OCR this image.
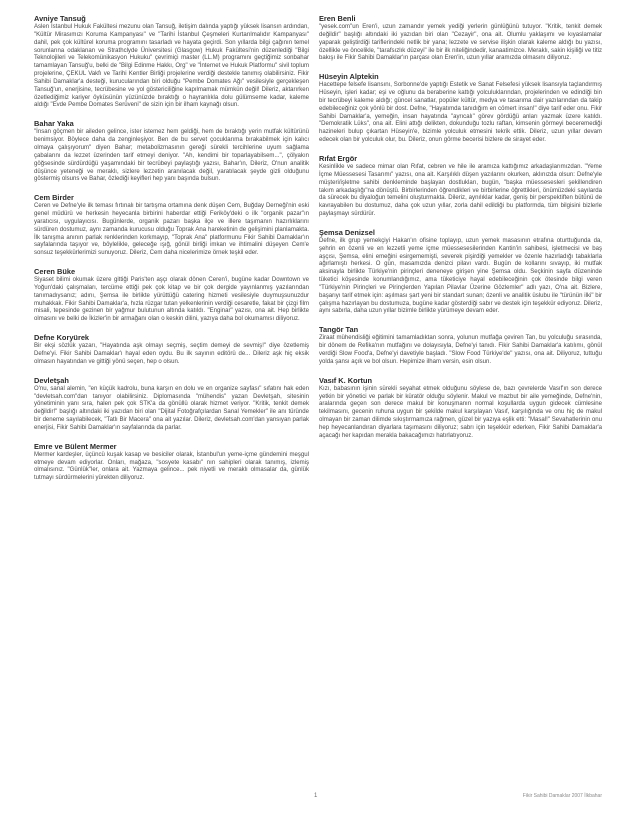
Avniye Tansuğ

Aslen İstanbul Hukuk Fakültesi mezunu olan Tansuğ, iletişim dalında yaptığı yüksek lisansın ardından, "Kültür Mirasımızı Koruma Kampanyası" ve "Tarihi İstanbul Çeşmeleri Kurtarılmalıdır Kampanyası" dahil, pek çok kültürel koruma programını tasarladı ve hayata geçirdi. Son yıllarda bilgi çağının temel sorunlarına odaklanan ve Strathclyde Üniversitesi (Glasgow) Hukuk Fakültesi'nin düzenlediği "Bilgi Teknolojileri ve Telekomünikasyon Hukuku" çevrimiçi master (LL.M) programını geçtiğimiz sonbahar tamamlayan Tansuğ'u, belki de "Bilgi Edinme Hakkı, Org" ve "İnternet ve Hukuk Platformu" sivil toplum projelerine, ÇEKUL Vakfı ve Tarihi Kentler Birliği projelerine verdiği destekle tanımış olabilirsiniz. Fikir Sahibi Damaklar'a desteği, kurucularından biri olduğu "Pembe Domates Ağı" vesilesiyle gerçekleşen Tansuğ'un, enerjisine, tecrübesine ve yol göstericiliğine kapılmamak mümkün değil! Dileriz, aktarırken özetlediğimiz kariyer öyküsünün yüzünüzde bıraktığı o hayranlıkla dolu gülümseme kadar, kaleme aldığı "Evde Pembe Domates Serüveni" de sizin için bir ilham kaynağı olsun.

Bahar Yaka

"İnsan göçmen bir aileden gelince, ister istemez hem geldiği, hem de bıraktığı yerin mutfak kültürünü benimsiyor. Böylece daha da zenginleşiyor. Ben de bu servet çocuklarıma bırakabilmek için kalıcı olmaya çalışıyorum" diyen Bahar; metabolizmasının gereği sürekli tercihlerine uyum sağlama çabalarını da lezzet üzerinden tarif etmeyi deniyor. "Ah, kendimi bir toparlayabilsem...", çölyakın göğsesinde sürdürdüğü yaşamındaki bir tecrübeyi paylaştığı yazısı, Bahar'ın, Dileriz, O'nun analitik düşünce yeteneği ve meraklı, sizlere lezzetin aranılacak değil, yaratılacak şeyde gizli olduğunu göstermiş olsuns ve Bahar, özlediği keyifleri hep yanı başında bulsun.

Cem Birder

Ceren ve Defne'yle ilk teması fırtınalı bir tartışma ortamına denk düşen Cem, Buğday Derneği'nin eski genel müdürü ve herkesin heyecanla birbirini haberdar ettiği Feriköy'deki o ilk "organik pazar"ın yaratıcısı, uygulayıcısı. Bugünlerde, organik pazarı başka ilçe ve illere taşımanın hazırlıklarını sürdüren dostumuz, aynı zamanda kurucusu olduğu Toprak Ana hareketinin de gelişimini planlamakta. İlk tanışma anının parlak renklerinden korkmayıp, "Toprak Ana" platformunu Fikir Sahibi Damaklar'ın sayfalarında taşıyor ve, böylelikle, geleceğe ışığ, gönül birliği imkan ve ihtimalini düşeyen Cem'e sonsuz teşekkürlerimizi sunuyoruz. Dileriz, Cem daha nicelerimize örnek teşkil eder.

Ceren Büke

Siyaset bilimi okumak üzere gittiği Paris'ten aşçı olarak dönen Ceren'i, bugüne kadar Downtown ve Yoğun'daki çalışmaları, tercüme ettiği pek çok kitap ve bir çok dergide yayınlanmış yazılarından tanımadıysanız; adını, Şemsa ile birlikte yürüttüğü catering hizmeti vesilesiyle duymuşsunuzdur muhakkak. Fikir Sahibi Damaklar'a, hızla rüzgar tutan yelkenlerinin verdiği cesaretle, fakat bir çizgi film misali, tepesinde gezinen bir yağmur bulutunun altında katıldı. "Enginar" yazısı, ona ait. Hep birlikte olmasını ve belki de İkizler'in bir armağanı olan o keskin dilini, yazıya daha bol okumamısı diliyoruz.

Defne Koryürek

Bir ekşi sözlük yazarı, "Hayatında aşk olmayı seçmiş, seçtim demeyi de sevmiş!" diye özetlemiş Defne'yi. Fikir Sahibi Damaklar'ı hayal eden oydu. Bu ilk sayının editörü de... Dileriz aşk hiç eksik olmasın hayatından ve gittiği yönü seçen, hep o olsun.

Devletşah

O'nu, sanal alemin, "en küçük kadrolu, buna karşın en dolu ve en organize sayfası" sıfatını hak eden "devletsah.com"dan tanıyor olabilirsiniz. Diplomasında "mühendis" yazan Devletşah, sitesinin yönetiminin yanı sıra, halen pek çok STK'a da gönüllü olarak hizmet veriyor. "Kritik, tenkit demek değildir!" başlığı altındaki iki yazıdan biri olan "Dijital Fotoğrafçılardan Sanal Yemekler" ile anı türünde bir deneme sayılabilecek, "Tatlı Bir Macera" ona ait yazılar. Dileriz, devletsah.com'dan yansıyan parlak enerjisi, Fikir Sahibi Damaklar'ın sayfalarında da parlar.

Emre ve Bülent Mermer

Mermer kardeşler, üçüncü kuşak kasap ve besiciler olarak, İstanbul'un yeme-içme gündemini meşgul etmeye devam ediyorlar. Onları, mağaza, "sosyete kasabı" nın sahipleri olarak tanımış, izlemiş olmalısınız. "Günlük"ler, onlara ait. Yazmaya gelince... pek niyetli ve meraklı olmasalar da, günlük tutmayı sürdürmelerini yürekten diliyoruz.

Eren Benli

"yesek.com"un Eren'i, uzun zamandır yemek yediği yerlerin günlüğünü tutuyor. "Kritik, tenkit demek değildir" başlığı altındaki iki yazıdan biri olan "Cezayir", ona ait. Olumlu yaklaşımı ve kıyaslamalar yaparak geliştirdiği tariflerindeki netlik bir yana; lezzete ve servise ilişkin olarak kaleme aldığı bu yazısı, özellikle ve öncelikle, "tarafsızlık düzeyi" ile bir ilk niteliğindedir, kanaatimizce. Meraklı, sakin kişiliği ve titiz bakışı ile Fikir Sahibi Damaklar'ın parçası olan Eren'in, uzun yıllar aramızda olmasını diliyoruz.

Hüseyin Alptekin

Hacettepe felsefe lisansını, Sorbonne'de yaptığı Estetik ve Sanat Felsefesi yüksek lisansıyla taçlandırmış Hüseyin, işleri kadar; eşi ve oğlunu da beraberine kattığı yolculuklarından, projelerinden ve edindiği bin bir tecrübeyi kaleme aldığı; güncel sanatlar, popüler kültür, medya ve tasarıma dair yazılarından da takip edebileceğiniz çok yönlü bir dost. Defne, "Hayatımda tanıdığım en cömert insan!" diye tarif eder onu. Fikir Sahibi Damaklar'a, yemeğin, insan hayatında "ayrıcalı" görev gördüğü anları yazmak üzere katıldı. "Demokratik Lüks", ona ait. Elini attığı delikten, dokunduğu tozlu raftan, kimsenin görmeyi beceremediği hazineleri bulup çıkartan Hüseyin'e, bizimle yolculuk etmesini tekrik ettik. Dileriz, uzun yıllar devam edecek olan bir yolculuk olur, bu. Dileriz, onun görme becerisi bizlere de sirayet eder.

Rıfat Ergör

Kesinlikle ve sadece mimar olan Rıfat, cebren ve hile ile aramıza kattığımız arkadaşlarımızdan. "Yeme İçme Müessesesi Tasarımı" yazısı, ona ait. Karşılıklı düşen yazılarını okurken, aklınızda olsun: Defne'yle müşteri/işletme sahibi denkleminde başlayan dostlukları, bugün, "başka müessesesleri şekillendiren takım arkadaşlığı"na dönüştü. Birbirlerinden öğrendikleri ve birbirlerine öğrettikleri, önümüzdeki sayılarda da sürecek bu diyaloğun temelini oluşturmakta. Dileriz, aynılıklar kadar, geniş bir perspektiften bütünü de kavrayabilen bu dostumuz, daha çok uzun yıllar, zorla dahil edildiği bu platformda, tüm bilgisini bizlerle paylaşmayı sürdürür.

Şemsa Denizsel

Defne, ilk grup yemekçiyi Hakan'ın ofisine toplayıp, uzun yemek masasının etrafına oturttuğunda da, şehrin en özenli ve en lezzetli yeme içme müessesesilerinden Kantin'in sahibesi, işletmecisi ve baş aşçısı, Şemsa, elini emeğini esirgememişti, severek pişirdiği yemekler ve özenle hazırladığı tabaklarla ağırlamıştı herkesi. O gün, masamızda denizci pilavı vardı. Bugün de kollarını sıvayıp, iki mutfak aksinayla birlikte Türkiye'nin pirinçleri deneneye girişen yine Şemsa oldu. Seçkinin sayfa düzeninde tüketici köşesinde konumlandığımız, ama tüketiciye hayal edebileceğinin çok ötesinde bilgi veren "Türkiye'nin Pirinçleri ve Pirinçlerden Yapılan Pilavlar Üzerine Gözlemler" adlı yazı, O'na ait. Bizlere, başarıyı tarif etmek için: aşılması şart yeni bir standart sunan; özenli ve analitik üslubu ile "türünün ilki" bir çalışma hazırlayan bu dostumuza, bugüne kadar gösterdiği sabır ve destek için teşekkür ediyoruz. Dileriz, aynı sabırla, daha uzun yıllar bizimle birlikte yürümeye devam eder.

Tangör Tan

Ziraat mühendisliği eğitimini tamamladıktan sonra, yolunun mutfağa çeviren Tan, bu yolculuğu sırasında, bir dönem de Refika'nın mutfağını ve dolayısıyla, Defne'yi tanıdı. Fikir Sahibi Damaklar'a katılımı, gönül verdiği Slow Food'a, Defne'yi davetiyle başladı. "Slow Food Türkiye'de" yazısı, ona ait. Diliyoruz, tuttuğu yolda şansı açık ve bol olsun. Hepimize ilham versin, esin olsun.

Vasıf K. Kortun

Kızı, babasının işinin sürekli seyahat etmek olduğunu söylese de, bazı çevrelerde Vasıf'ın son derece yetkin bir yönetici ve parlak bir küratör olduğu söylenir. Makul ve mazbut bir aile yemeğinde, Defne'nin, aralarında geçen son derece makul bir konuşmanın normal koşullarda uygun gidecek cümlesine tekilmasını, gecenin ruhuna uygun bir şekilde makul karşılayan Vasıf, karşılığında ve onu hiç de makul olmayan bir zaman dilimde sıkıştırmamıza rağmen, güzel bir yazıya eşlik etti: "Masal!" Sevahatlerinin onu hep heyecanlandıran diyarlara taşımasını diliyoruz; sabrı için teşekkür ederken, Fikir Sahibi Damaklar'a açacağı her kapıdan merakla bakacağımızı hatırlatıyoruz.

1	Fikir Sahibi Damaklar 2007 İlkbahar
